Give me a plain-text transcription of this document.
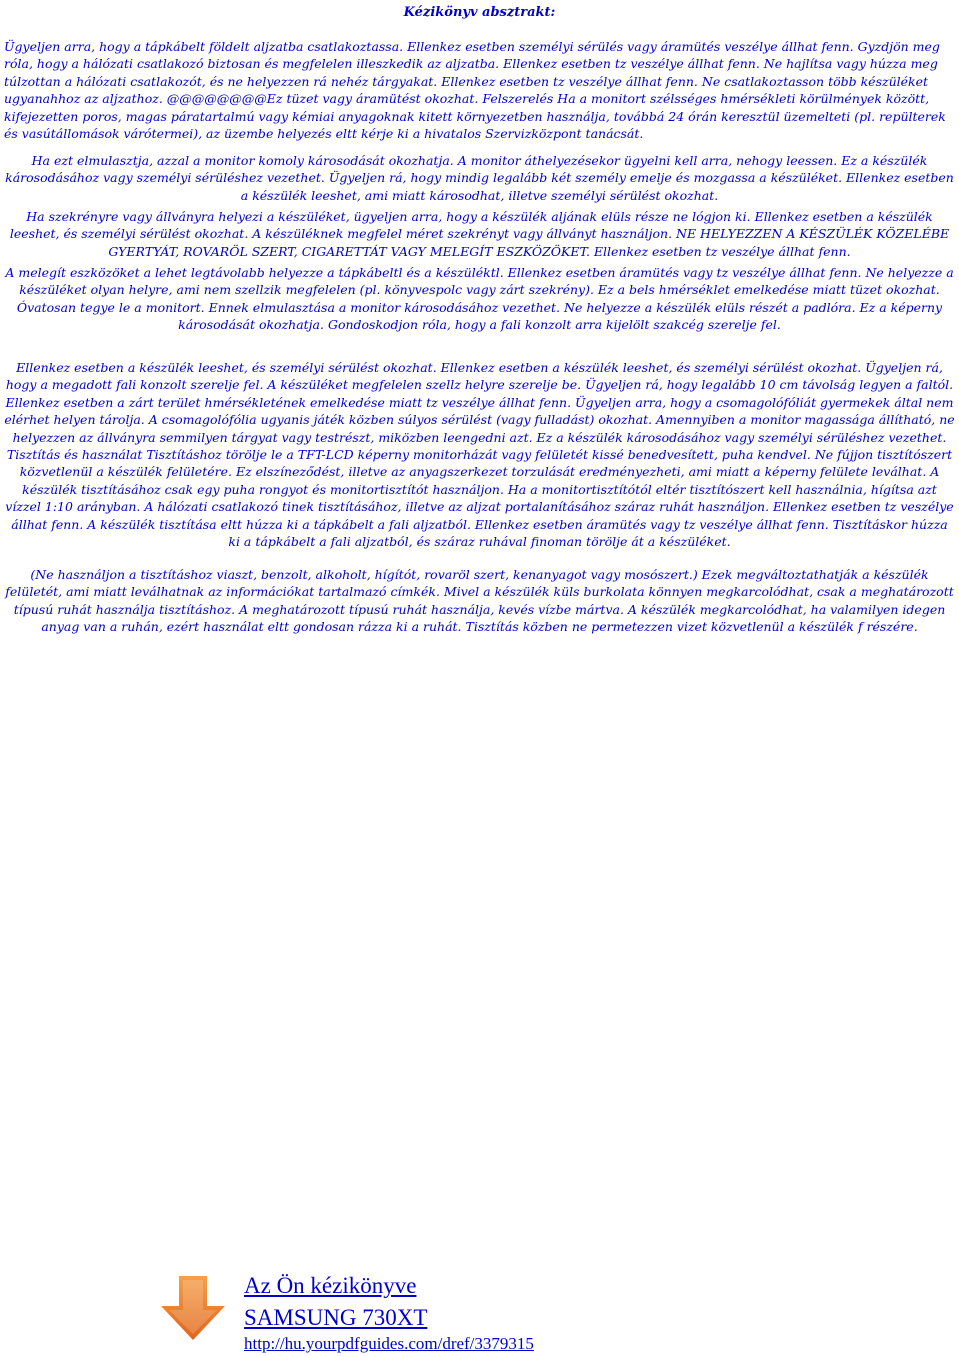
Kézikönyv absztrakt:
Ügyeljen arra, hogy a tápkábelt földelt aljzatba csatlakoztassa. Ellenkez esetben személyi sérülés vagy áramütés veszélye állhat fenn. Gyzdjön meg róla, hogy a hálózati csatlakozó biztosan és megfelelen illeszkedik az aljzatba. Ellenkez esetben tz veszélye állhat fenn. Ne hajlítsa vagy húzza meg túlzottan a hálózati csatlakozót, és ne helyezzen rá nehéz tárgyakat. Ellenkez esetben tz veszélye állhat fenn. Ne csatlakoztasson több készüléket ugyanahhoz az aljzathoz. @@@@@@@@Ez tüzet vagy áramütést okozhat. Felszerelés Ha a monitort szélsséges hmérsékleti körülmények között, kifejezetten poros, magas páratartalmú vagy kémiai anyagoknak kitett környezetben használja, továbbá 24 órán keresztül üzemelteti (pl. repülterek és vasútállomások várótermei), az üzembe helyezés eltt kérje ki a hivatalos Szervizközpont tanácsát.
Ha ezt elmulasztja, azzal a monitor komoly károsodását okozhatja. A monitor áthelyezésekor ügyelni kell arra, nehogy leessen. Ez a készülék károsodásához vagy személyi sérüléshez vezethet. Ügyeljen rá, hogy mindig legalább két személy emelje és mozgassa a készüléket. Ellenkez esetben a készülék leeshet, ami miatt károsodhat, illetve személyi sérülést okozhat.
Ha szekrényre vagy állványra helyezi a készüléket, ügyeljen arra, hogy a készülék aljának elüls része ne lógjon ki. Ellenkez esetben a készülék leeshet, és személyi sérülést okozhat. A készüléknek megfelel méret szekrényt vagy állványt használjon. NE HELYEZZEN A KÉSZÜLÉK KÖZELÉBE GYERTYÁT, ROVARÖL SZERT, CIGARETTÁT VAGY MELEGÍT ESZKÖZÖKET. Ellenkez esetben tz veszélye állhat fenn.
A melegít eszközöket a lehet legtávolabb helyezze a tápkábeltl és a készüléktl. Ellenkez esetben áramütés vagy tz veszélye állhat fenn. Ne helyezze a készüléket olyan helyre, ami nem szellzik megfelelen (pl. könyvespolc vagy zárt szekrény). Ez a bels hmérséklet emelkedése miatt tüzet okozhat. Óvatosan tegye le a monitort. Ennek elmulasztása a monitor károsodásához vezethet. Ne helyezze a készülék elüls részét a padlóra. Ez a képerny károsodását okozhatja. Gondoskodjon róla, hogy a fali konzolt arra kijelölt szakcég szerelje fel.
Ellenkez esetben a készülék leeshet, és személyi sérülést okozhat. Ellenkez esetben a készülék leeshet, és személyi sérülést okozhat. Ügyeljen rá, hogy a megadott fali konzolt szerelje fel. A készüléket megfelelen szellz helyre szerelje be. Ügyeljen rá, hogy legalább 10 cm távolság legyen a faltól. Ellenkez esetben a zárt terület hmérsékletének emelkedése miatt tz veszélye állhat fenn. Ügyeljen arra, hogy a csomagolófóliát gyermekek által nem elérhet helyen tárolja. A csomagolófólia ugyanis játék közben súlyos sérülést (vagy fulladást) okozhat. Amennyiben a monitor magassága állítható, ne helyezzen az állványra semmilyen tárgyat vagy testrészt, miközben leengedni azt. Ez a készülék károsodásához vagy személyi sérüléshez vezethet. Tisztítás és használat Tisztításhoz törölje le a TFT-LCD képerny monitorházát vagy felületét kissé benedvesített, puha kendvel. Ne fújjon tisztítószert közvetlenül a készülék felületére. Ez elszíneződést, illetve az anyagszerkezet torzulását eredményezheti, ami miatt a képerny felülete leválhat. A készülék tisztításához csak egy puha rongyot és monitortisztítót használjon. Ha a monitortisztítótól eltér tisztítószert kell használnia, hígítsa azt vízzel 1:10 arányban. A hálózati csatlakozó tinek tisztításához, illetve az aljzat portalanításához száraz ruhát használjon. Ellenkez esetben tz veszélye állhat fenn. A készülék tisztítása eltt húzza ki a tápkábelt a fali aljzatból. Ellenkez esetben áramütés vagy tz veszélye állhat fenn. Tisztításkor húzza ki a tápkábelt a fali aljzatból, és száraz ruhával finoman törölje át a készüléket.
(Ne használjon a tisztításhoz viaszt, benzolt, alkoholt, hígítót, rovaröl szert, kenanyagot vagy mosószert.) Ezek megváltoztathatják a készülék felületét, ami miatt leválhatnak az információkat tartalmazó címkék. Mivel a készülék küls burkolata könnyen megkarcolódhat, csak a meghatározott típusú ruhát használja tisztításhoz. A meghatározott típusú ruhát használja, kevés vízbe mártva. A készülék megkarcolódhat, ha valamilyen idegen anyag van a ruhán, ezért használat eltt gondosan rázza ki a ruhát. Tisztítás közben ne permetezzen vizet közvetlenül a készülék f részére.
Az Ön kézikönyve
SAMSUNG 730XT
http://hu.yourpdfguides.com/dref/3379315
